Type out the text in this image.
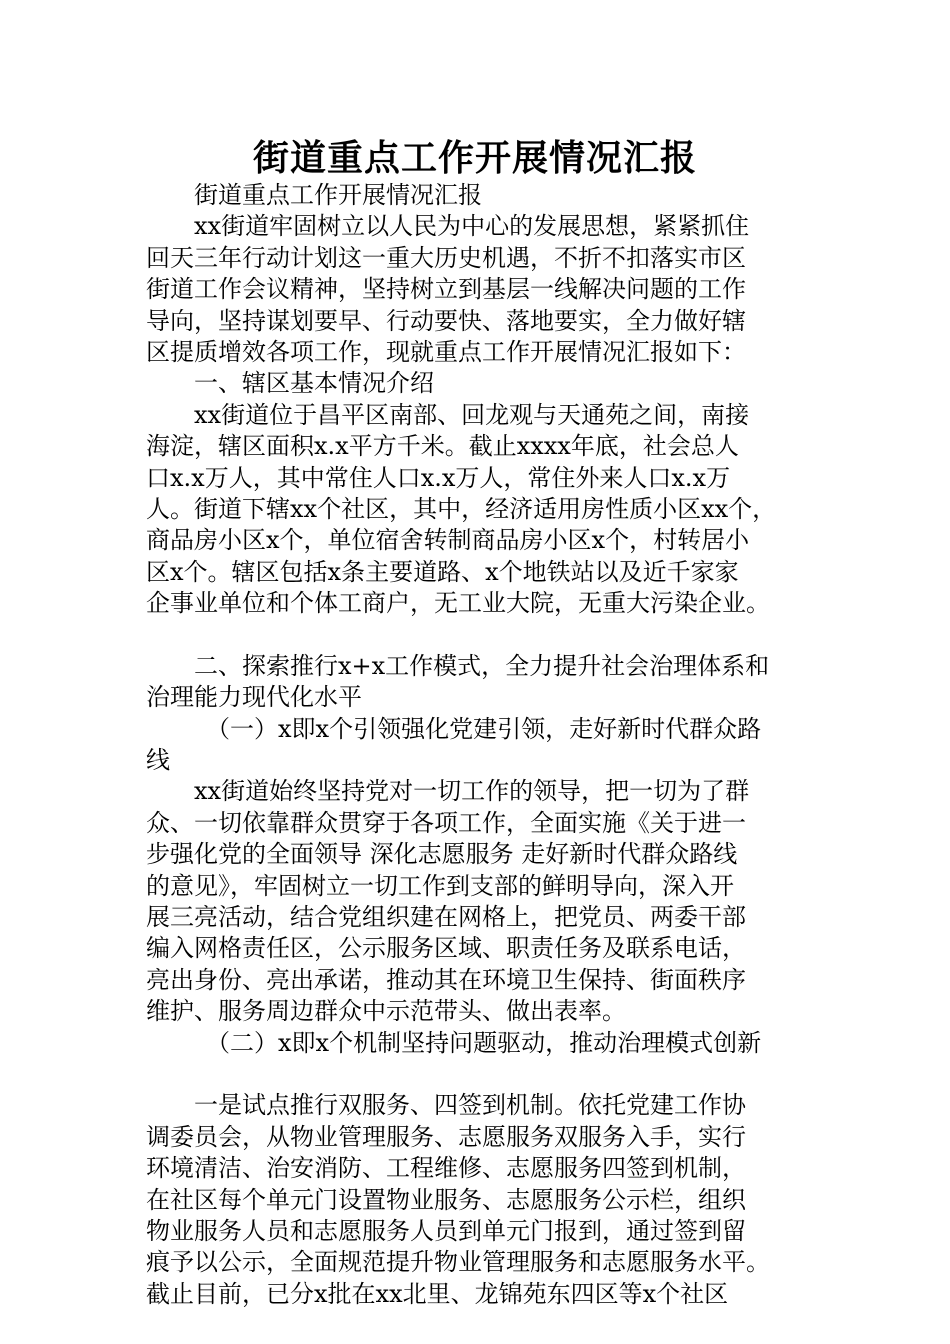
街道重点工作开展情况汇报
街道重点工作开展情况汇报
xx街道牢固树立以人民为中心的发展思想，紧紧抓住
回天三年行动计划这一重大历史机遇，不折不扣落实市区
街道工作会议精神，坚持树立到基层一线解决问题的工作
导向，坚持谋划要早、行动要快、落地要实，全力做好辖
区提质增效各项工作，现就重点工作开展情况汇报如下：
一、辖区基本情况介绍
xx街道位于昌平区南部、回龙观与天通苑之间，南接
海淀，辖区面积x.x平方千米。截止xxxx年底，社会总人
口x.x万人，其中常住人口x.x万人，常住外来人口x.x万
人。街道下辖xx个社区，其中，经济适用房性质小区xx个，
商品房小区x个，单位宿舍转制商品房小区x个，村转居小
区x个。辖区包括x条主要道路、x个地铁站以及近千家家
企事业单位和个体工商户，无工业大院，无重大污染企业。
二、探索推行x+x工作模式，全力提升社会治理体系和
治理能力现代化水平
（一）x即x个引领强化党建引领，走好新时代群众路
线
xx街道始终坚持党对一切工作的领导，把一切为了群
众、一切依靠群众贯穿于各项工作，全面实施《关于进一
步强化党的全面领导 深化志愿服务 走好新时代群众路线
的意见》，牢固树立一切工作到支部的鲜明导向，深入开
展三亮活动，结合党组织建在网格上，把党员、两委干部
编入网格责任区，公示服务区域、职责任务及联系电话，
亮出身份、亮出承诺，推动其在环境卫生保持、街面秩序
维护、服务周边群众中示范带头、做出表率。
（二）x即x个机制坚持问题驱动，推动治理模式创新
一是试点推行双服务、四签到机制。依托党建工作协
调委员会，从物业管理服务、志愿服务双服务入手，实行
环境清洁、治安消防、工程维修、志愿服务四签到机制，
在社区每个单元门设置物业服务、志愿服务公示栏，组织
物业服务人员和志愿服务人员到单元门报到，通过签到留
痕予以公示，全面规范提升物业管理服务和志愿服务水平。
截止目前，已分x批在xx北里、龙锦苑东四区等x个社区
